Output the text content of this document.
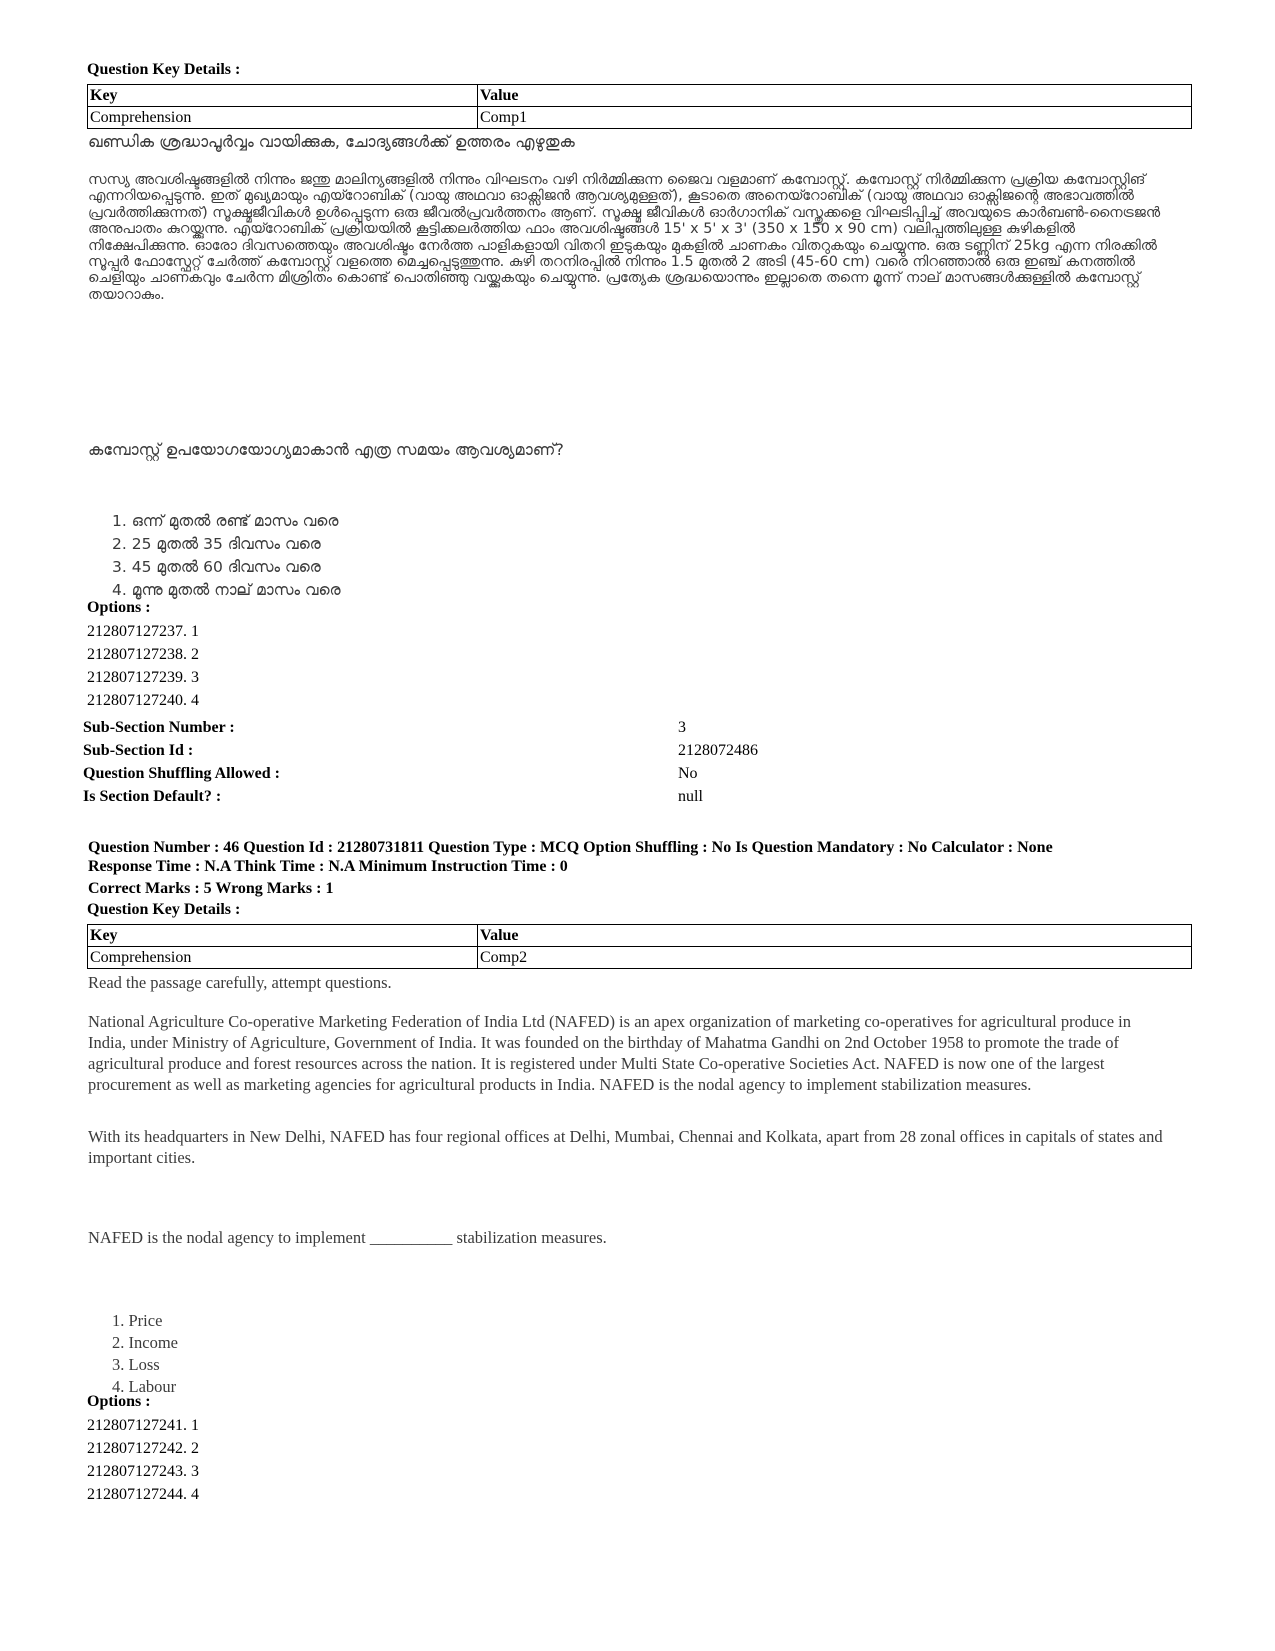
Question Key Details :
Key	Value
Comprehension	Comp1
ഖണ്ഡിക ശ്രദ്ധാപൂർവ്വം വായിക്കുക, ചോദ്യങ്ങൾക്ക് ഉത്തരം എഴുതുക
സസ്യ അവശിഷ്ടങ്ങളിൽ നിന്നും ജന്തു മാലിന്യങ്ങളിൽ നിന്നും വിഘടനം വഴി നിർമ്മിക്കുന്ന ജൈവ വളമാണ് കമ്പോസ്റ്റ്. കമ്പോസ്റ്റ് നിർമ്മിക്കുന്ന പ്രക്രിയ കമ്പോസ്റ്റിങ് എന്നറിയപ്പെടുന്നു. ഇത് മുഖ്യമായും എയ്റോബിക് (വായു അഥവാ ഓക്സിജൻ ആവശ്യമുള്ളത്), കൂടാതെ അനെയ്റോബിക് (വായു അഥവാ ഓക്സിജന്റെ അഭാവത്തിൽ പ്രവർത്തിക്കുന്നത്) സൂക്ഷ്മജീവികൾ ഉൾപ്പെടുന്ന ഒരു ജീവൽപ്രവർത്തനം ആണ്. സൂക്ഷ്മ ജീവികൾ ഓർഗാനിക് വസ്തുക്കളെ വിഘടിപ്പിച്ച് അവയുടെ കാർബൺ-നൈട്രജൻ അനുപാതം കുറയ്ക്കുന്നു. എയ്റോബിക് പ്രക്രിയയിൽ കൂട്ടിക്കലർത്തിയ ഫാം അവശിഷ്ടങ്ങൾ 15' x 5' x 3' (350 x 150 x 90 cm) വലിപ്പത്തിലുള്ള കുഴികളിൽ നിക്ഷേപിക്കുന്നു. ഓരോ ദിവസത്തെയും അവശിഷ്ടം നേർത്ത പാളികളായി വിതറി ഇടുകയും മുകളിൽ ചാണകം വിതറുകയും ചെയ്യുന്നു. ഒരു ടണ്ണിന് 25kg എന്ന നിരക്കിൽ സൂപ്പർ ഫോസ്ഫേറ്റ് ചേർത്ത് കമ്പോസ്റ്റ് വളത്തെ മെച്ചപ്പെടുത്തുന്നു. കുഴി തറനിരപ്പിൽ നിന്നും 1.5 മുതൽ 2 അടി (45-60 cm) വരെ നിറഞ്ഞാൽ ഒരു ഇഞ്ച് കനത്തിൽ ചെളിയും ചാണകവും ചേർന്ന മിശ്രിതം കൊണ്ട് പൊതിഞ്ഞു വയ്ക്കുകയും ചെയ്യുന്നു. പ്രത്യേക ശ്രദ്ധയൊന്നും ഇല്ലാതെ തന്നെ മൂന്ന് നാല് മാസങ്ങൾക്കുള്ളിൽ കമ്പോസ്റ്റ് തയാറാകും.
കമ്പോസ്റ്റ് ഉപയോഗയോഗ്യമാകാൻ എത്ര സമയം ആവശ്യമാണ്?
1. ഒന്ന് മുതൽ രണ്ട് മാസം വരെ
2. 25 മുതൽ 35 ദിവസം വരെ
3. 45 മുതൽ 60 ദിവസം വരെ
4. മൂന്നു മുതൽ നാല് മാസം വരെ
Options :
212807127237. 1
212807127238. 2
212807127239. 3
212807127240. 4
Sub-Section Number :	3
Sub-Section Id :	2128072486
Question Shuffling Allowed :	No
Is Section Default? :	null
Question Number : 46 Question Id : 21280731811 Question Type : MCQ Option Shuffling : No Is Question Mandatory : No Calculator : None
Response Time : N.A Think Time : N.A Minimum Instruction Time : 0
Correct Marks : 5 Wrong Marks : 1
Question Key Details :
Key	Value
Comprehension	Comp2
Read the passage carefully, attempt questions.
National Agriculture Co-operative Marketing Federation of India Ltd (NAFED) is an apex organization of marketing co-operatives for agricultural produce in India, under Ministry of Agriculture, Government of India. It was founded on the birthday of Mahatma Gandhi on 2nd October 1958 to promote the trade of agricultural produce and forest resources across the nation. It is registered under Multi State Co-operative Societies Act. NAFED is now one of the largest procurement as well as marketing agencies for agricultural products in India. NAFED is the nodal agency to implement stabilization measures.
With its headquarters in New Delhi, NAFED has four regional offices at Delhi, Mumbai, Chennai and Kolkata, apart from 28 zonal offices in capitals of states and important cities.
NAFED is the nodal agency to implement __________ stabilization measures.
1. Price
2. Income
3. Loss
4. Labour
Options :
212807127241. 1
212807127242. 2
212807127243. 3
212807127244. 4
